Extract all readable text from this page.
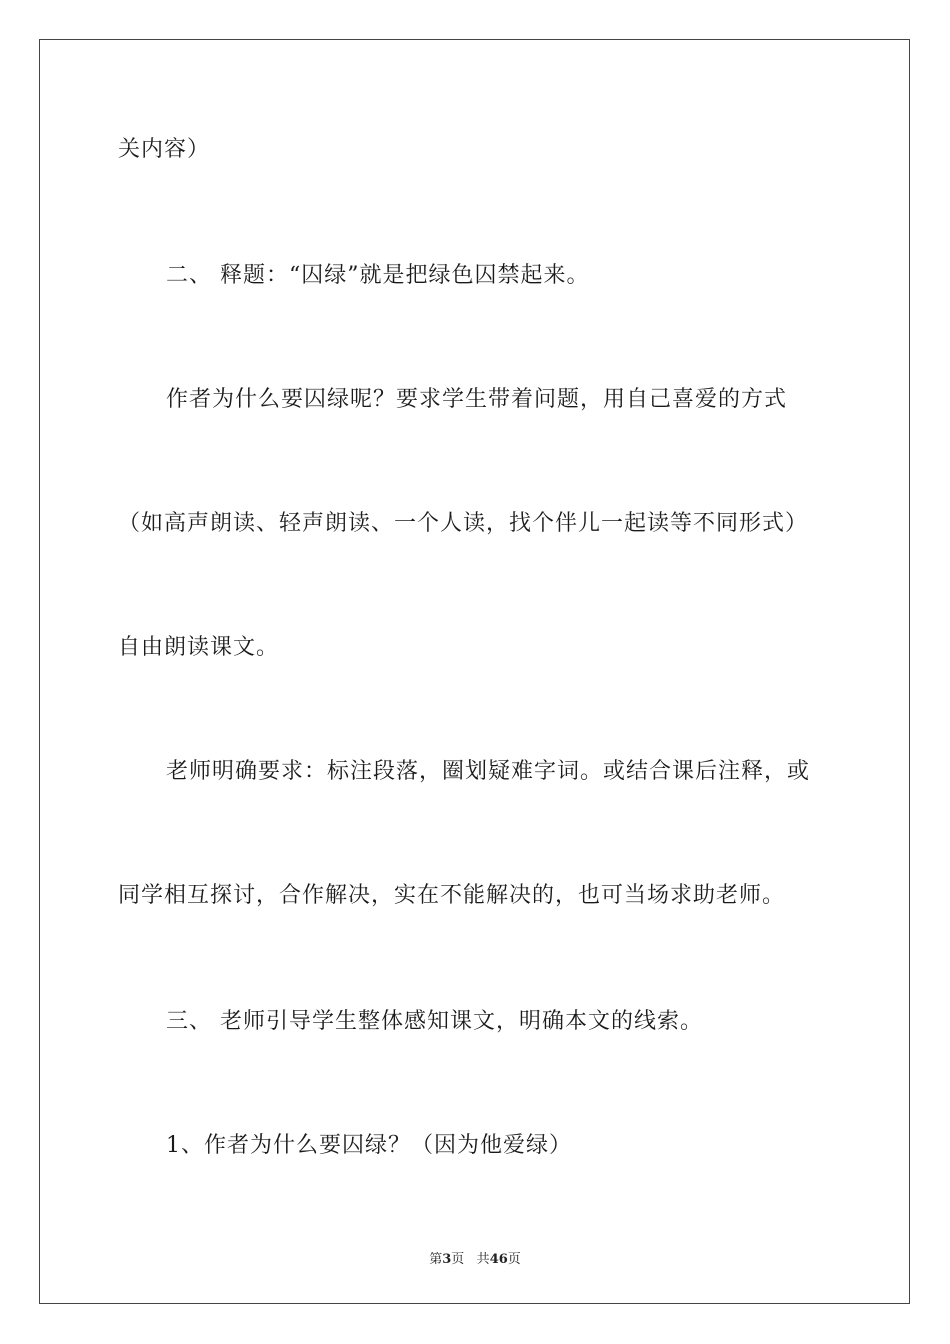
关内容）
二、 释题：“囚绿”就是把绿色囚禁起来。
作者为什么要囚绿呢？要求学生带着问题，用自己喜爱的方式
（如高声朗读、轻声朗读、一个人读，找个伴儿一起读等不同形式）
自由朗读课文。
老师明确要求：标注段落，圈划疑难字词。或结合课后注释，或
同学相互探讨，合作解决，实在不能解决的，也可当场求助老师。
三、 老师引导学生整体感知课文，明确本文的线索。
1、作者为什么要囚绿？（因为他爱绿）
第3页 共46页
